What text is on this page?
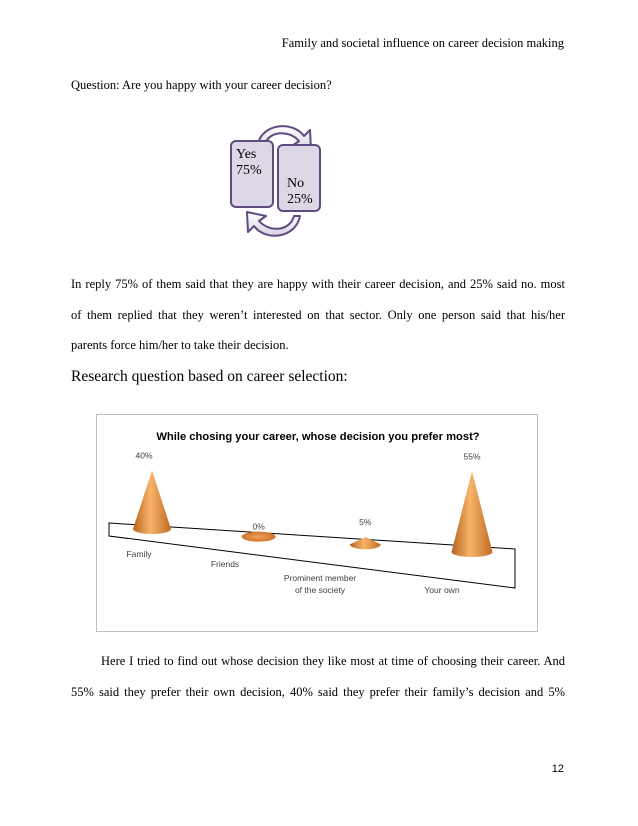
Family and societal influence on career decision making
Question: Are you happy with your career decision?
Yes
75%
No
25%
In reply 75% of them said that they are happy with their career decision, and 25% said no. most
of them replied that they weren’t interested on that sector. Only one person said that his/her
parents force him/her to take their decision.
Research question based on career selection:
While chosing your career, whose decision you prefer most?
40%
Family
0%
Friends
5%
Prominent member
of the society
55%
Your own
Here I tried to find out whose decision they like most at time of choosing their career. And
55% said they prefer their own decision, 40% said they prefer their family’s decision and 5%
12
